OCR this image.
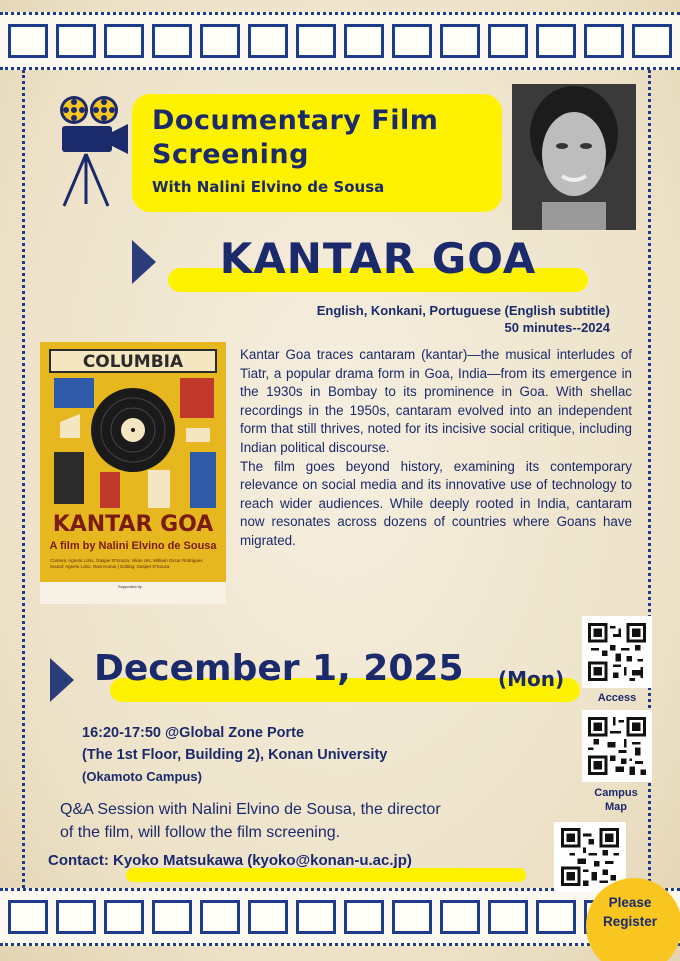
Documentary Film
Screening
With Nalini Elvino de Sousa
KANTAR GOA
English, Konkani, Portuguese (English subtitle)
50 minutes--2024
COLUMBIA
KANTAR GOA
A film by Nalini Elvino de Sousa
Camera: Agnelo Lobo, Gasper D'Souza, Vikas Urs, William Oscar Rodrigues
Sound: Agnelo Lobo, Ravi Kumar | Editing: Gasper D'Souza
Supported by

Kantar Goa traces cantaram (kantar)—the musical interludes of Tiatr, a popular drama form in Goa, India—from its emergence in the 1930s in Bombay to its prominence in Goa. With shellac recordings in the 1950s, cantaram evolved into an independent form that still thrives, noted for its incisive social critique, including Indian political discourse.

The film goes beyond history, examining its contemporary relevance on social media and its innovative use of technology to reach wider audiences. While deeply rooted in India, cantaram now resonates across dozens of countries where Goans have migrated.

December 1, 2025 (Mon)
16:20-17:50 @Global Zone Porte
(The 1st Floor, Building 2), Konan University
(Okamoto Campus)
Q&A Session with Nalini Elvino de Sousa, the director
of the film, will follow the film screening.
Contact: Kyoko Matsukawa (kyoko@konan-u.ac.jp)
Access
Campus
Map
Please
Register
